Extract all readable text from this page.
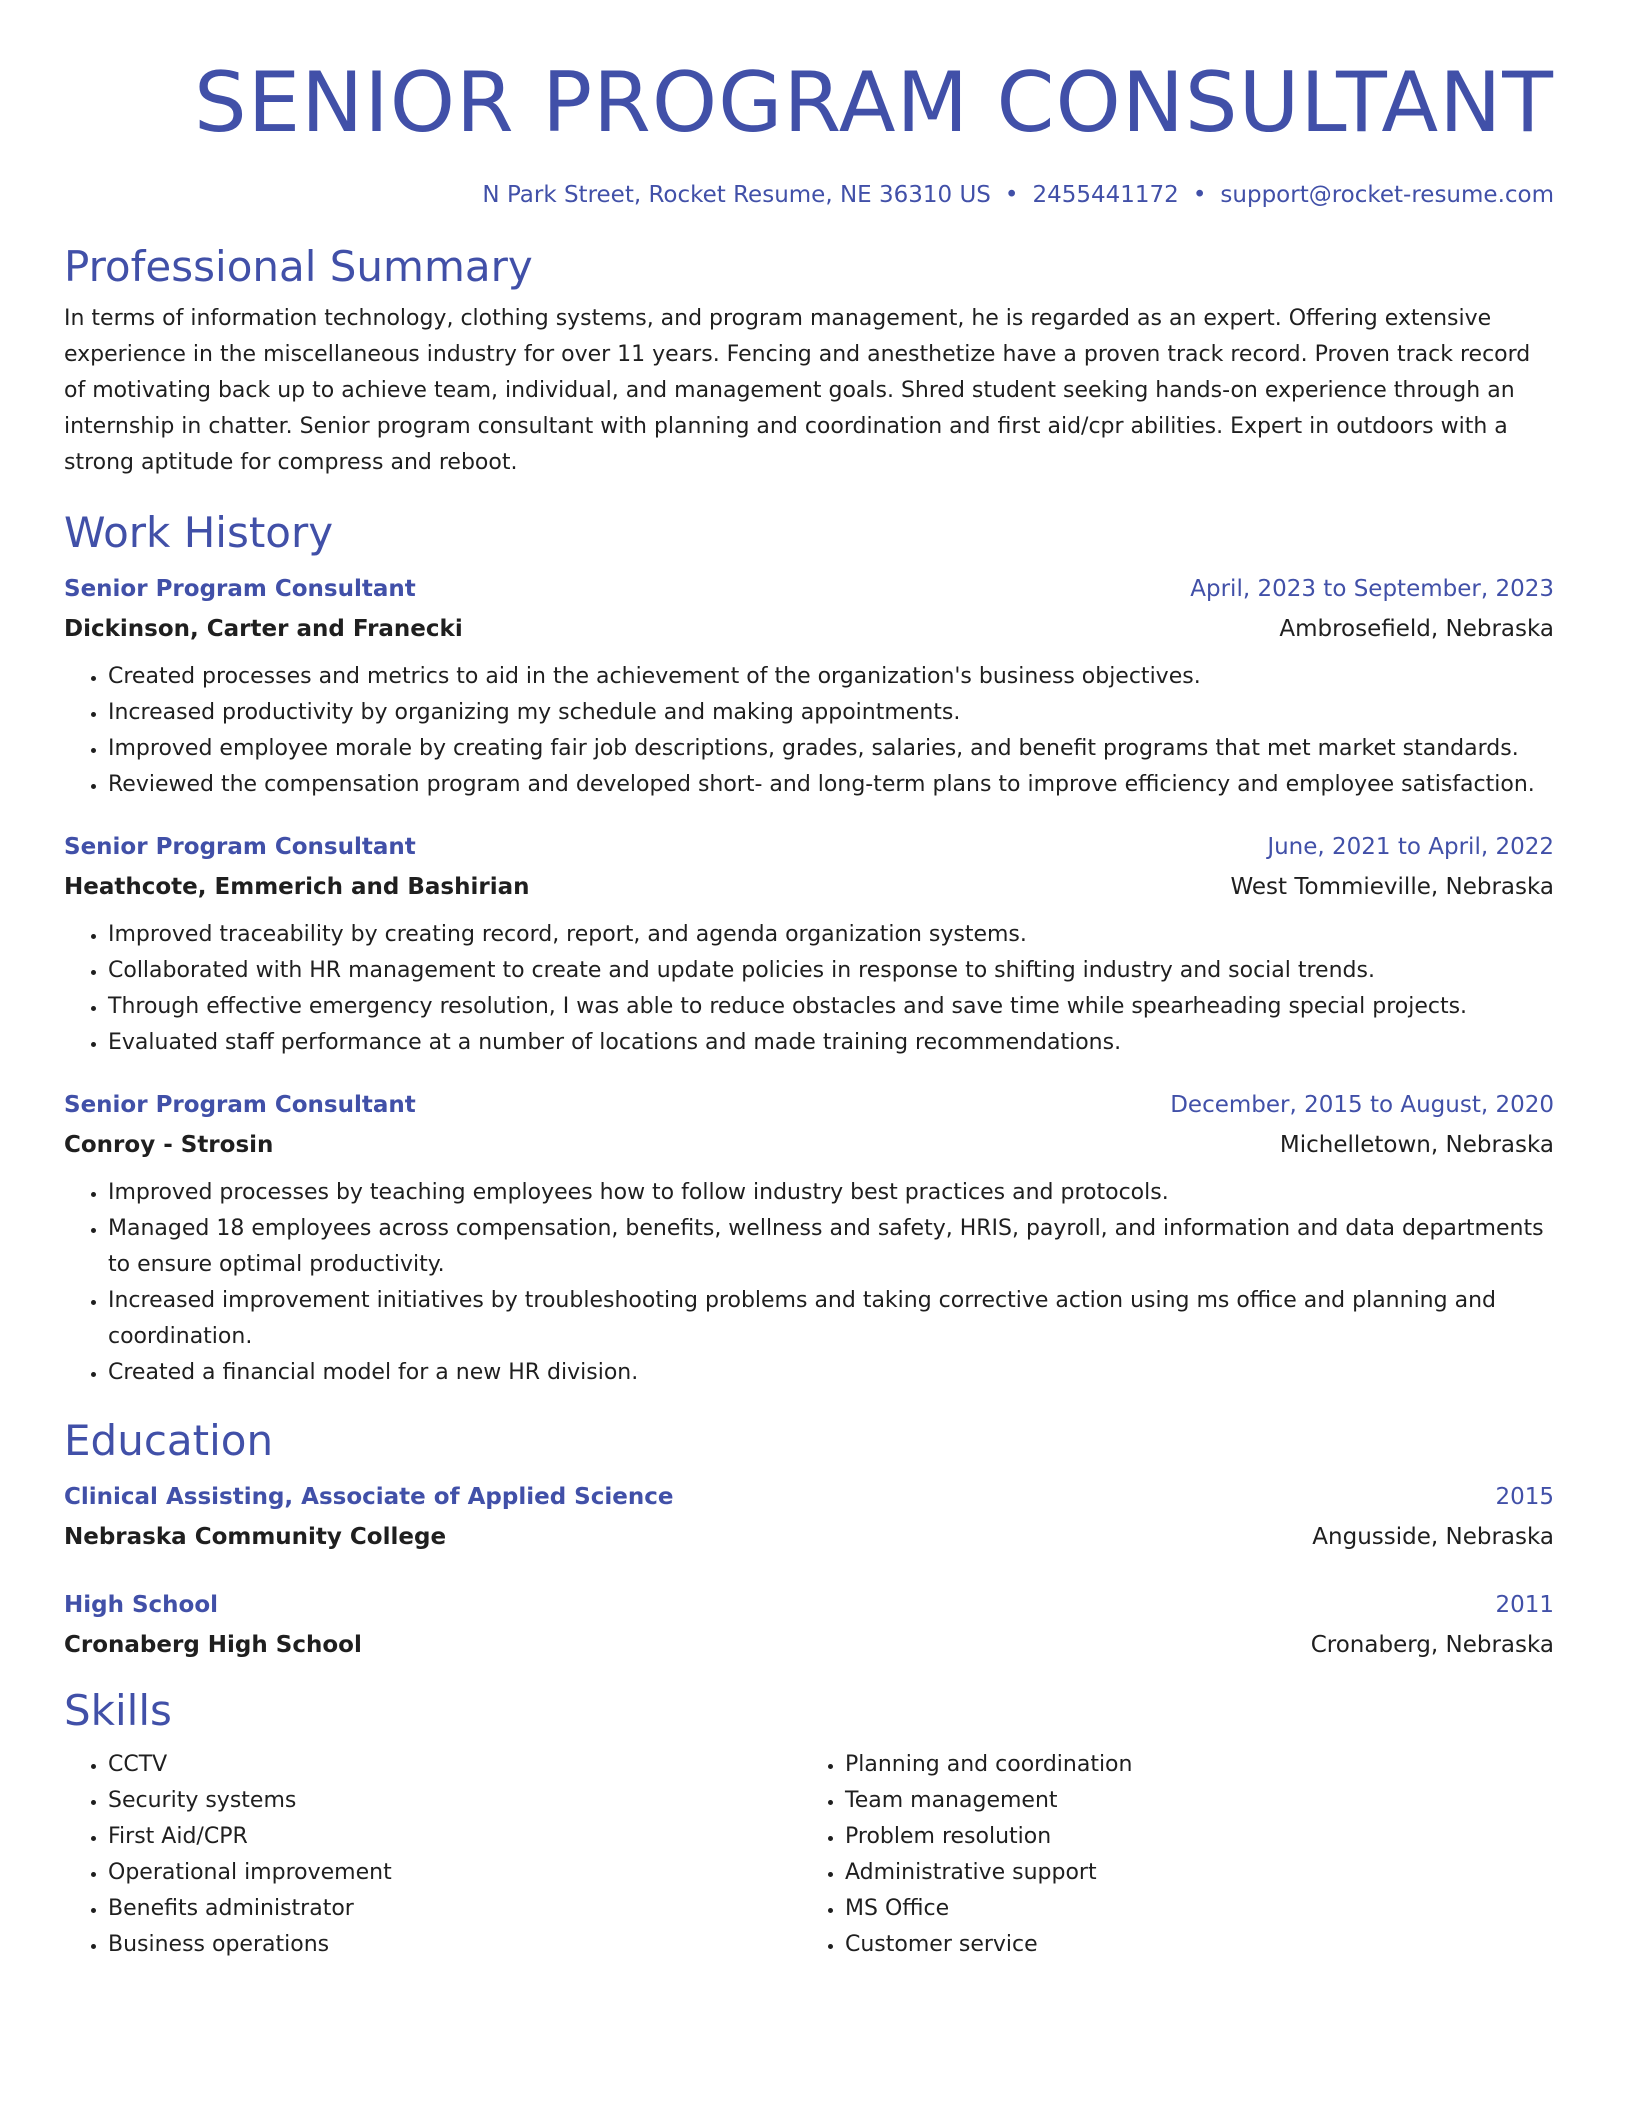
SENIOR PROGRAM CONSULTANT
N Park Street, Rocket Resume, NE 36310 US • 2455441172 • support@rocket-resume.com
Professional Summary

In terms of information technology, clothing systems, and program management, he is regarded as an expert. Offering extensive experience in the miscellaneous industry for over 11 years. Fencing and anesthetize have a proven track record. Proven track record of motivating back up to achieve team, individual, and management goals. Shred student seeking hands-on experience through an internship in chatter. Senior program consultant with planning and coordination and first aid/cpr abilities. Expert in outdoors with a strong aptitude for compress and reboot.

Work History
Senior Program Consultant	April, 2023 to September, 2023
Dickinson, Carter and Franecki	Ambrosefield, Nebraska
• Created processes and metrics to aid in the achievement of the organization's business objectives.
• Increased productivity by organizing my schedule and making appointments.
• Improved employee morale by creating fair job descriptions, grades, salaries, and benefit programs that met market standards.
• Reviewed the compensation program and developed short- and long-term plans to improve efficiency and employee satisfaction.
Senior Program Consultant	June, 2021 to April, 2022
Heathcote, Emmerich and Bashirian	West Tommieville, Nebraska
• Improved traceability by creating record, report, and agenda organization systems.
• Collaborated with HR management to create and update policies in response to shifting industry and social trends.
• Through effective emergency resolution, I was able to reduce obstacles and save time while spearheading special projects.
• Evaluated staff performance at a number of locations and made training recommendations.
Senior Program Consultant	December, 2015 to August, 2020
Conroy - Strosin	Michelletown, Nebraska
• Improved processes by teaching employees how to follow industry best practices and protocols.
• Managed 18 employees across compensation, benefits, wellness and safety, HRIS, payroll, and information and data departments to ensure optimal productivity.
• Increased improvement initiatives by troubleshooting problems and taking corrective action using ms office and planning and coordination.
• Created a financial model for a new HR division.
Education
Clinical Assisting, Associate of Applied Science	2015
Nebraska Community College	Angusside, Nebraska
High School	2011
Cronaberg High School	Cronaberg, Nebraska
Skills
• CCTV
• Security systems
• First Aid/CPR
• Operational improvement
• Benefits administrator
• Business operations
• Planning and coordination
• Team management
• Problem resolution
• Administrative support
• MS Office
• Customer service
